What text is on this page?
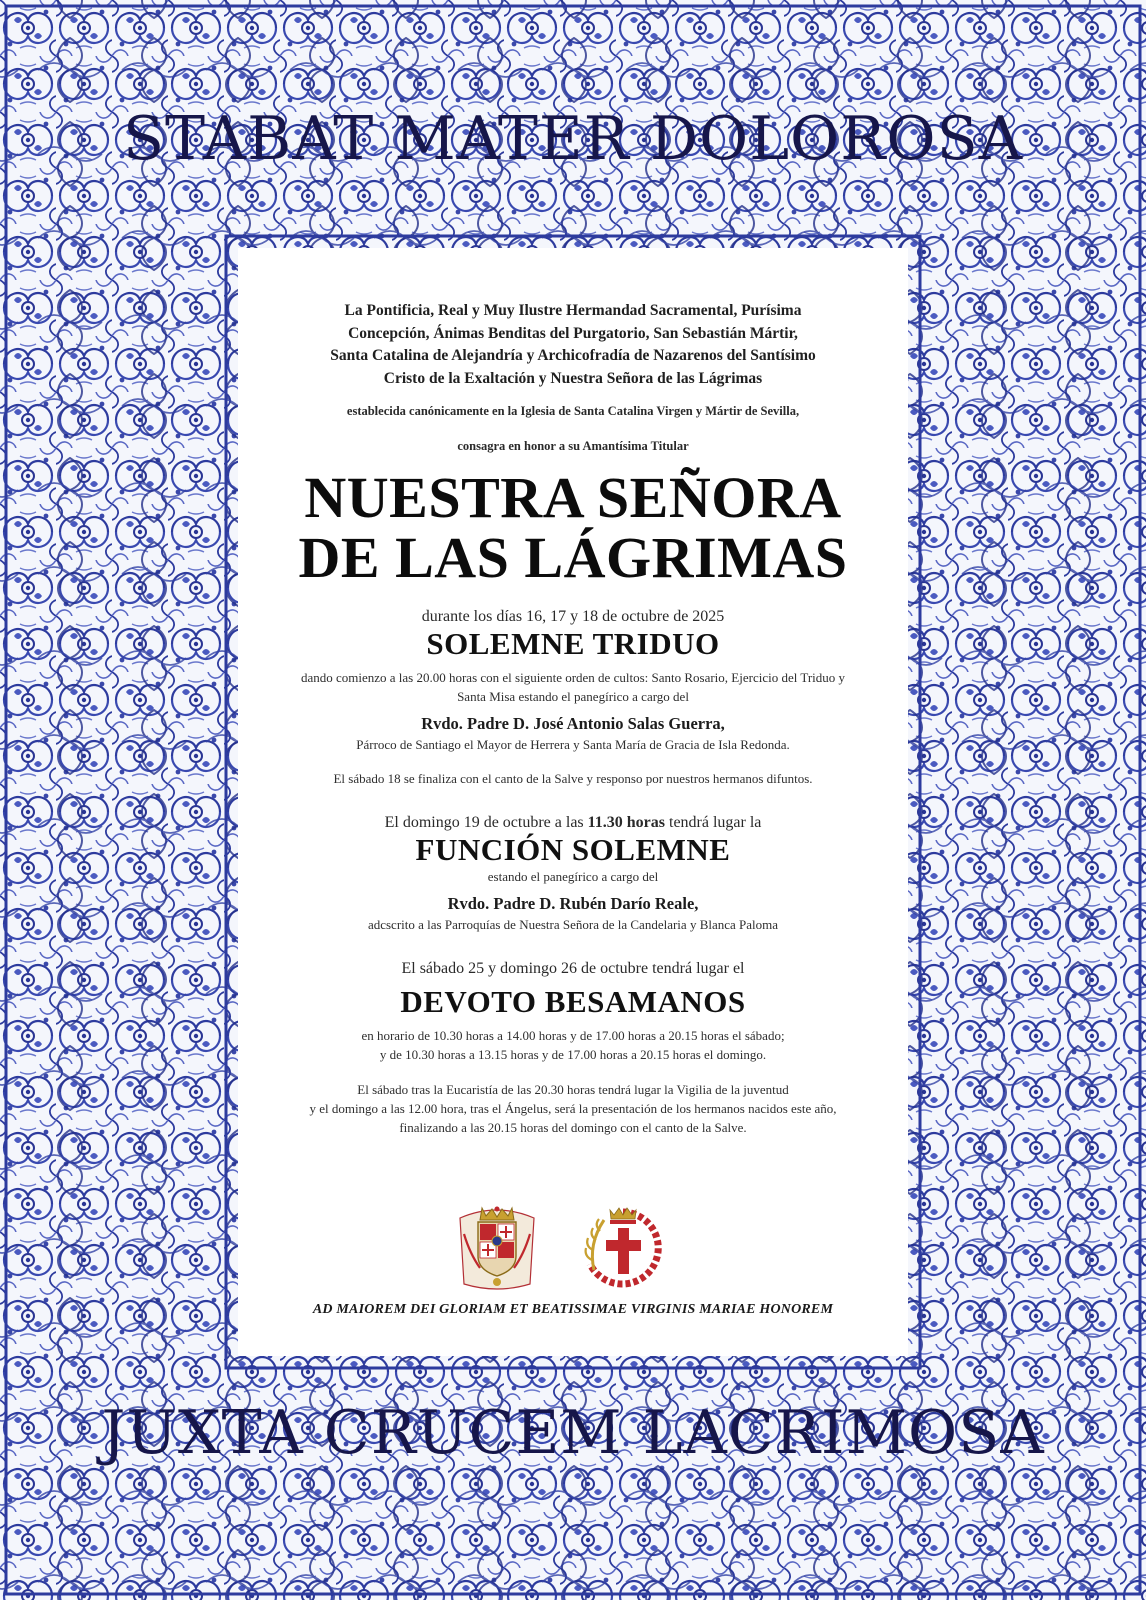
STABAT MATER DOLOROSA

La Pontificia, Real y Muy Ilustre Hermandad Sacramental, Purísima

Concepción, Ánimas Benditas del Purgatorio, San Sebastián Mártir,

Santa Catalina de Alejandría y Archicofradía de Nazarenos del Santísimo

Cristo de la Exaltación y Nuestra Señora de las Lágrimas

establecida canónicamente en la Iglesia de Santa Catalina Virgen y Mártir de Sevilla,

consagra en honor a su Amantísima Titular

NUESTRA SEÑORA

DE LAS LÁGRIMAS

durante los días 16, 17 y 18 de octubre de 2025

SOLEMNE TRIDUO

dando comienzo a las 20.00 horas con el siguiente orden de cultos: Santo Rosario, Ejercicio del Triduo y

Santa Misa estando el panegírico a cargo del

Rvdo. Padre D. José Antonio Salas Guerra,

Párroco de Santiago el Mayor de Herrera y Santa María de Gracia de Isla Redonda.

El sábado 18 se finaliza con el canto de la Salve y responso por nuestros hermanos difuntos.

El domingo 19 de octubre a las 11.30 horas tendrá lugar la

FUNCIÓN SOLEMNE

estando el panegírico a cargo del

Rvdo. Padre D. Rubén Darío Reale,

adcscrito a las Parroquías de Nuestra Señora de la Candelaria y Blanca Paloma

El sábado 25 y domingo 26 de octubre tendrá lugar el

DEVOTO BESAMANOS

en horario de 10.30 horas a 14.00 horas y de 17.00 horas a 20.15 horas el sábado;

y de 10.30 horas a 13.15 horas y de 17.00 horas a 20.15 horas el domingo.

El sábado tras la Eucaristía de las 20.30 horas tendrá lugar la Vigilia de la juventud

y el domingo a las 12.00 hora, tras el Ángelus, será la presentación de los hermanos nacidos este año,

finalizando a las 20.15 horas del domingo con el canto de la Salve.

AD MAIOREM DEI GLORIAM ET BEATISSIMAE VIRGINIS MARIAE HONOREM
JUXTA CRUCEM LACRIMOSA
